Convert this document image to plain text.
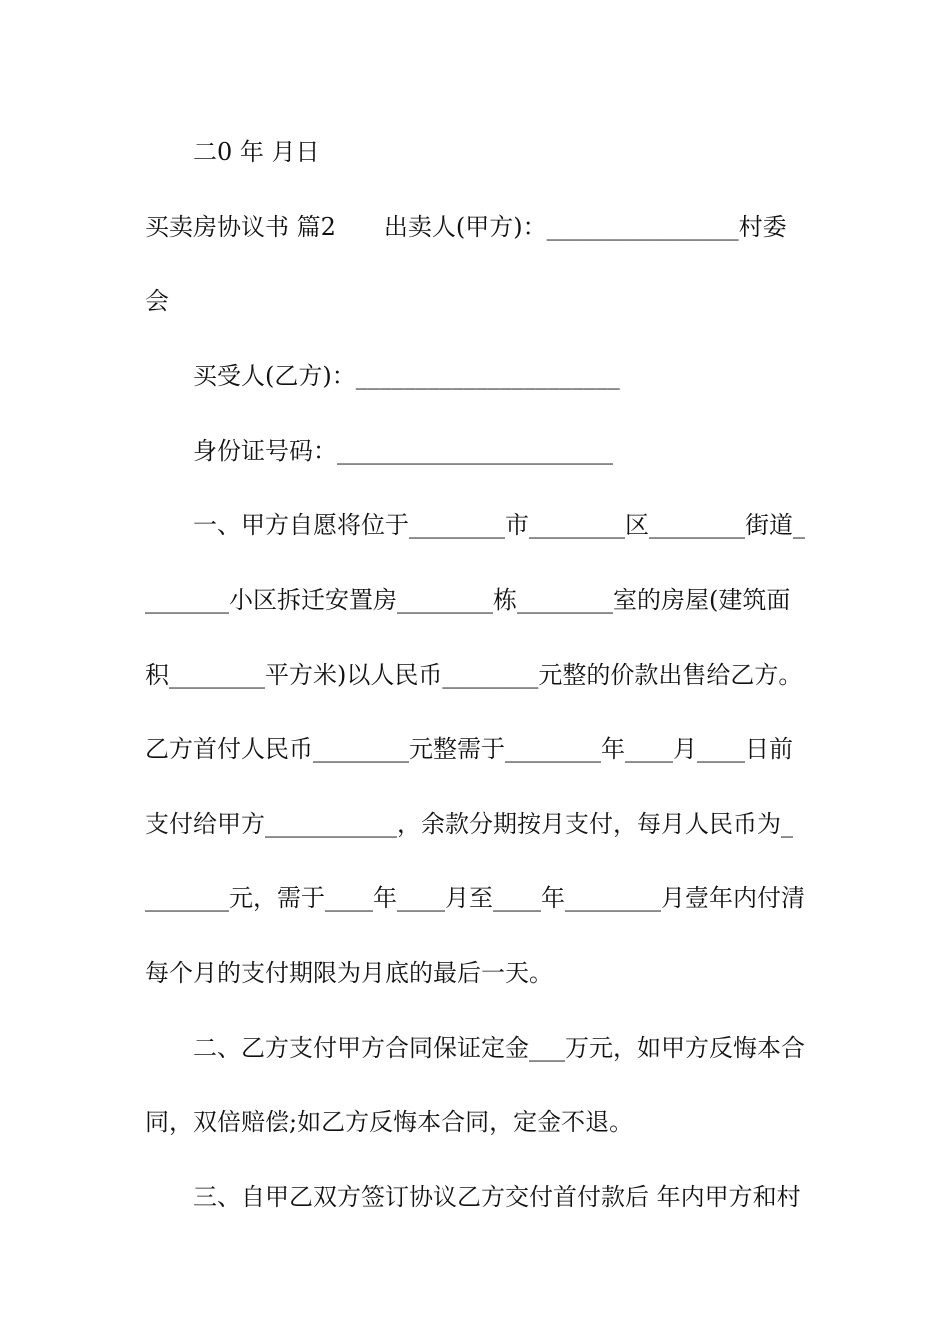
二0 年 月日
买卖房协议书 篇2　　出卖人(甲方)：________________村委
会
买受人(乙方)：______________________
身份证号码：_______________________
一、甲方自愿将位于________市________区________街道_
_______小区拆迁安置房________栋________室的房屋(建筑面
积________平方米)以人民币________元整的价款出售给乙方。
乙方首付人民币________元整需于________年____月____日前
支付给甲方___________，余款分期按月支付，每月人民币为_
_______元，需于____年____月至____年________月壹年内付清
每个月的支付期限为月底的最后一天。
二、乙方支付甲方合同保证定金___万元，如甲方反悔本合
同，双倍赔偿;如乙方反悔本合同，定金不退。
三、自甲乙双方签订协议乙方交付首付款后 年内甲方和村
